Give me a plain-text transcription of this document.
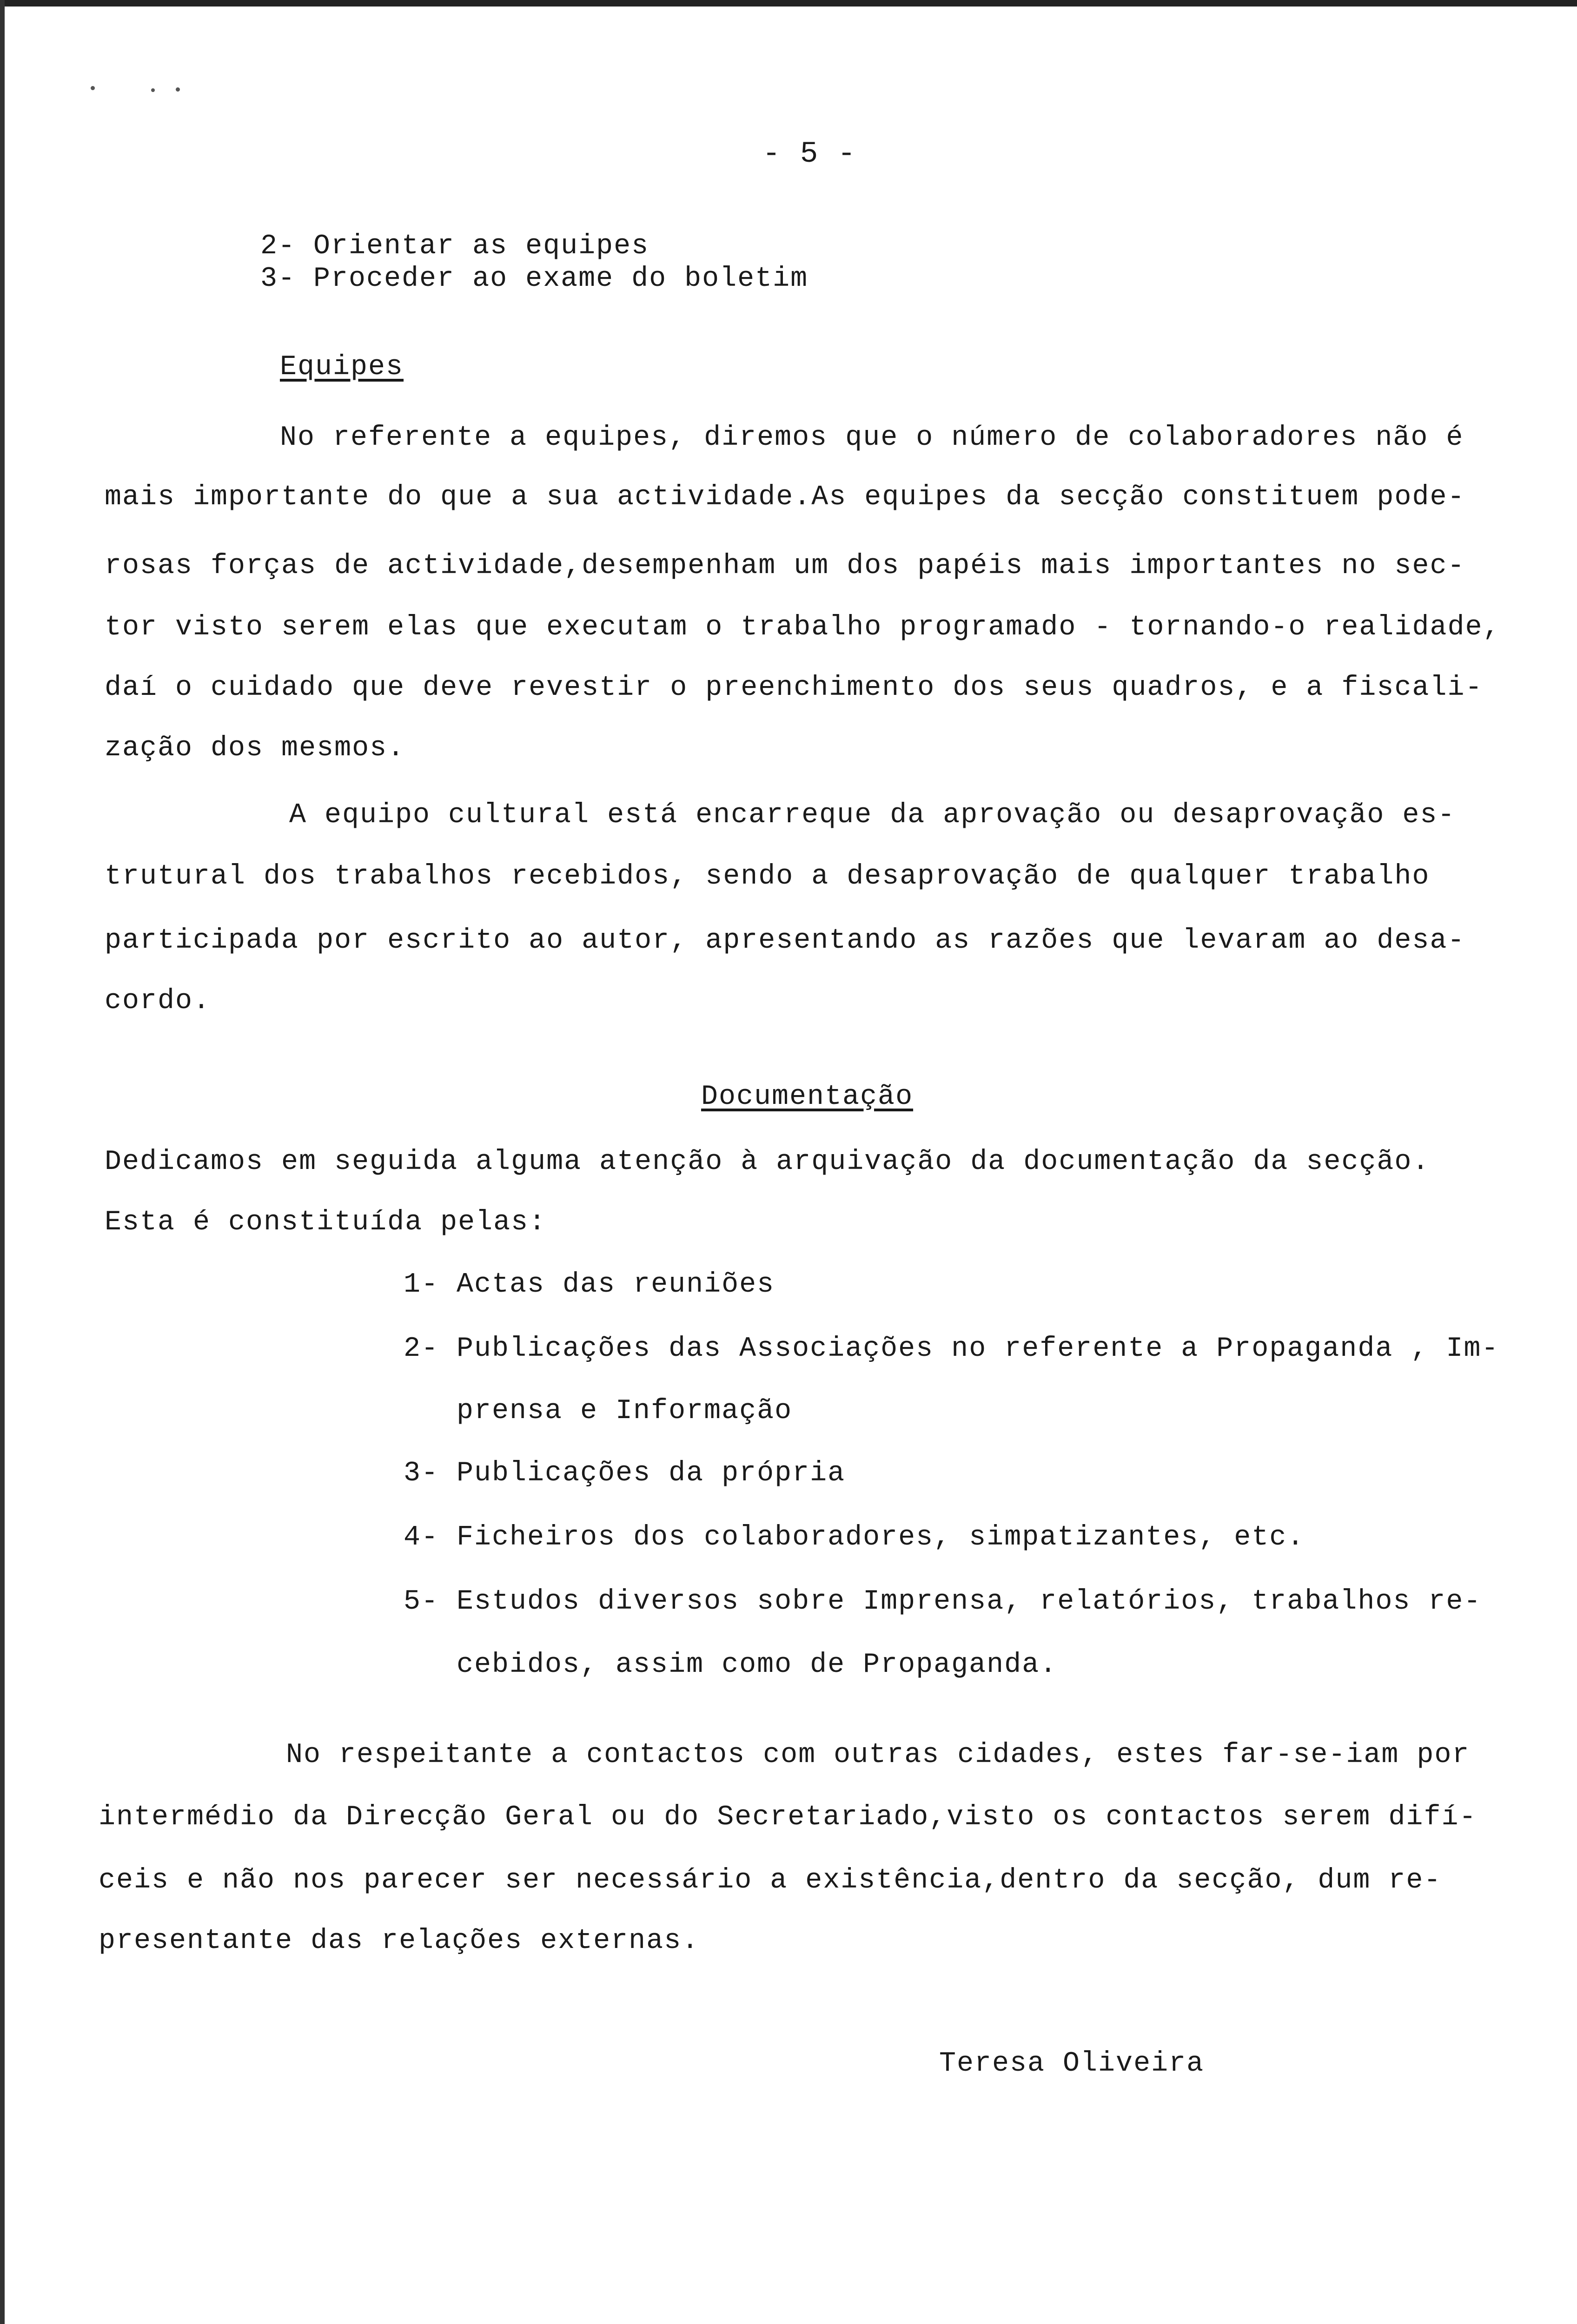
- 5 -
2- Orientar as equipes
3- Proceder ao exame do boletim
Equipes
No referente a equipes, diremos que o número de colaboradores não é
mais importante do que a sua actividade.As equipes da secção constituem pode-
rosas forças de actividade,desempenham um dos papéis mais importantes no sec-
tor visto serem elas que executam o trabalho programado - tornando-o realidade,
daí o cuidado que deve revestir o preenchimento dos seus quadros, e a fiscali-
zação dos mesmos.
A equipo cultural está encarreque da aprovação ou desaprovação es-
trutural dos trabalhos recebidos, sendo a desaprovação de qualquer trabalho
participada por escrito ao autor, apresentando as razões que levaram ao desa-
cordo.
Documentação
Dedicamos em seguida alguma atenção à arquivação da documentação da secção.
Esta é constituída pelas:
1- Actas das reuniões
2- Publicações das Associações no referente a Propaganda , Im-
prensa e Informação
3- Publicações da própria
4- Ficheiros dos colaboradores, simpatizantes, etc.
5- Estudos diversos sobre Imprensa, relatórios, trabalhos re-
cebidos, assim como de Propaganda.
No respeitante a contactos com outras cidades, estes far-se-iam por
intermédio da Direcção Geral ou do Secretariado,visto os contactos serem difí-
ceis e não nos parecer ser necessário a existência,dentro da secção, dum re-
presentante das relações externas.
Teresa Oliveira
